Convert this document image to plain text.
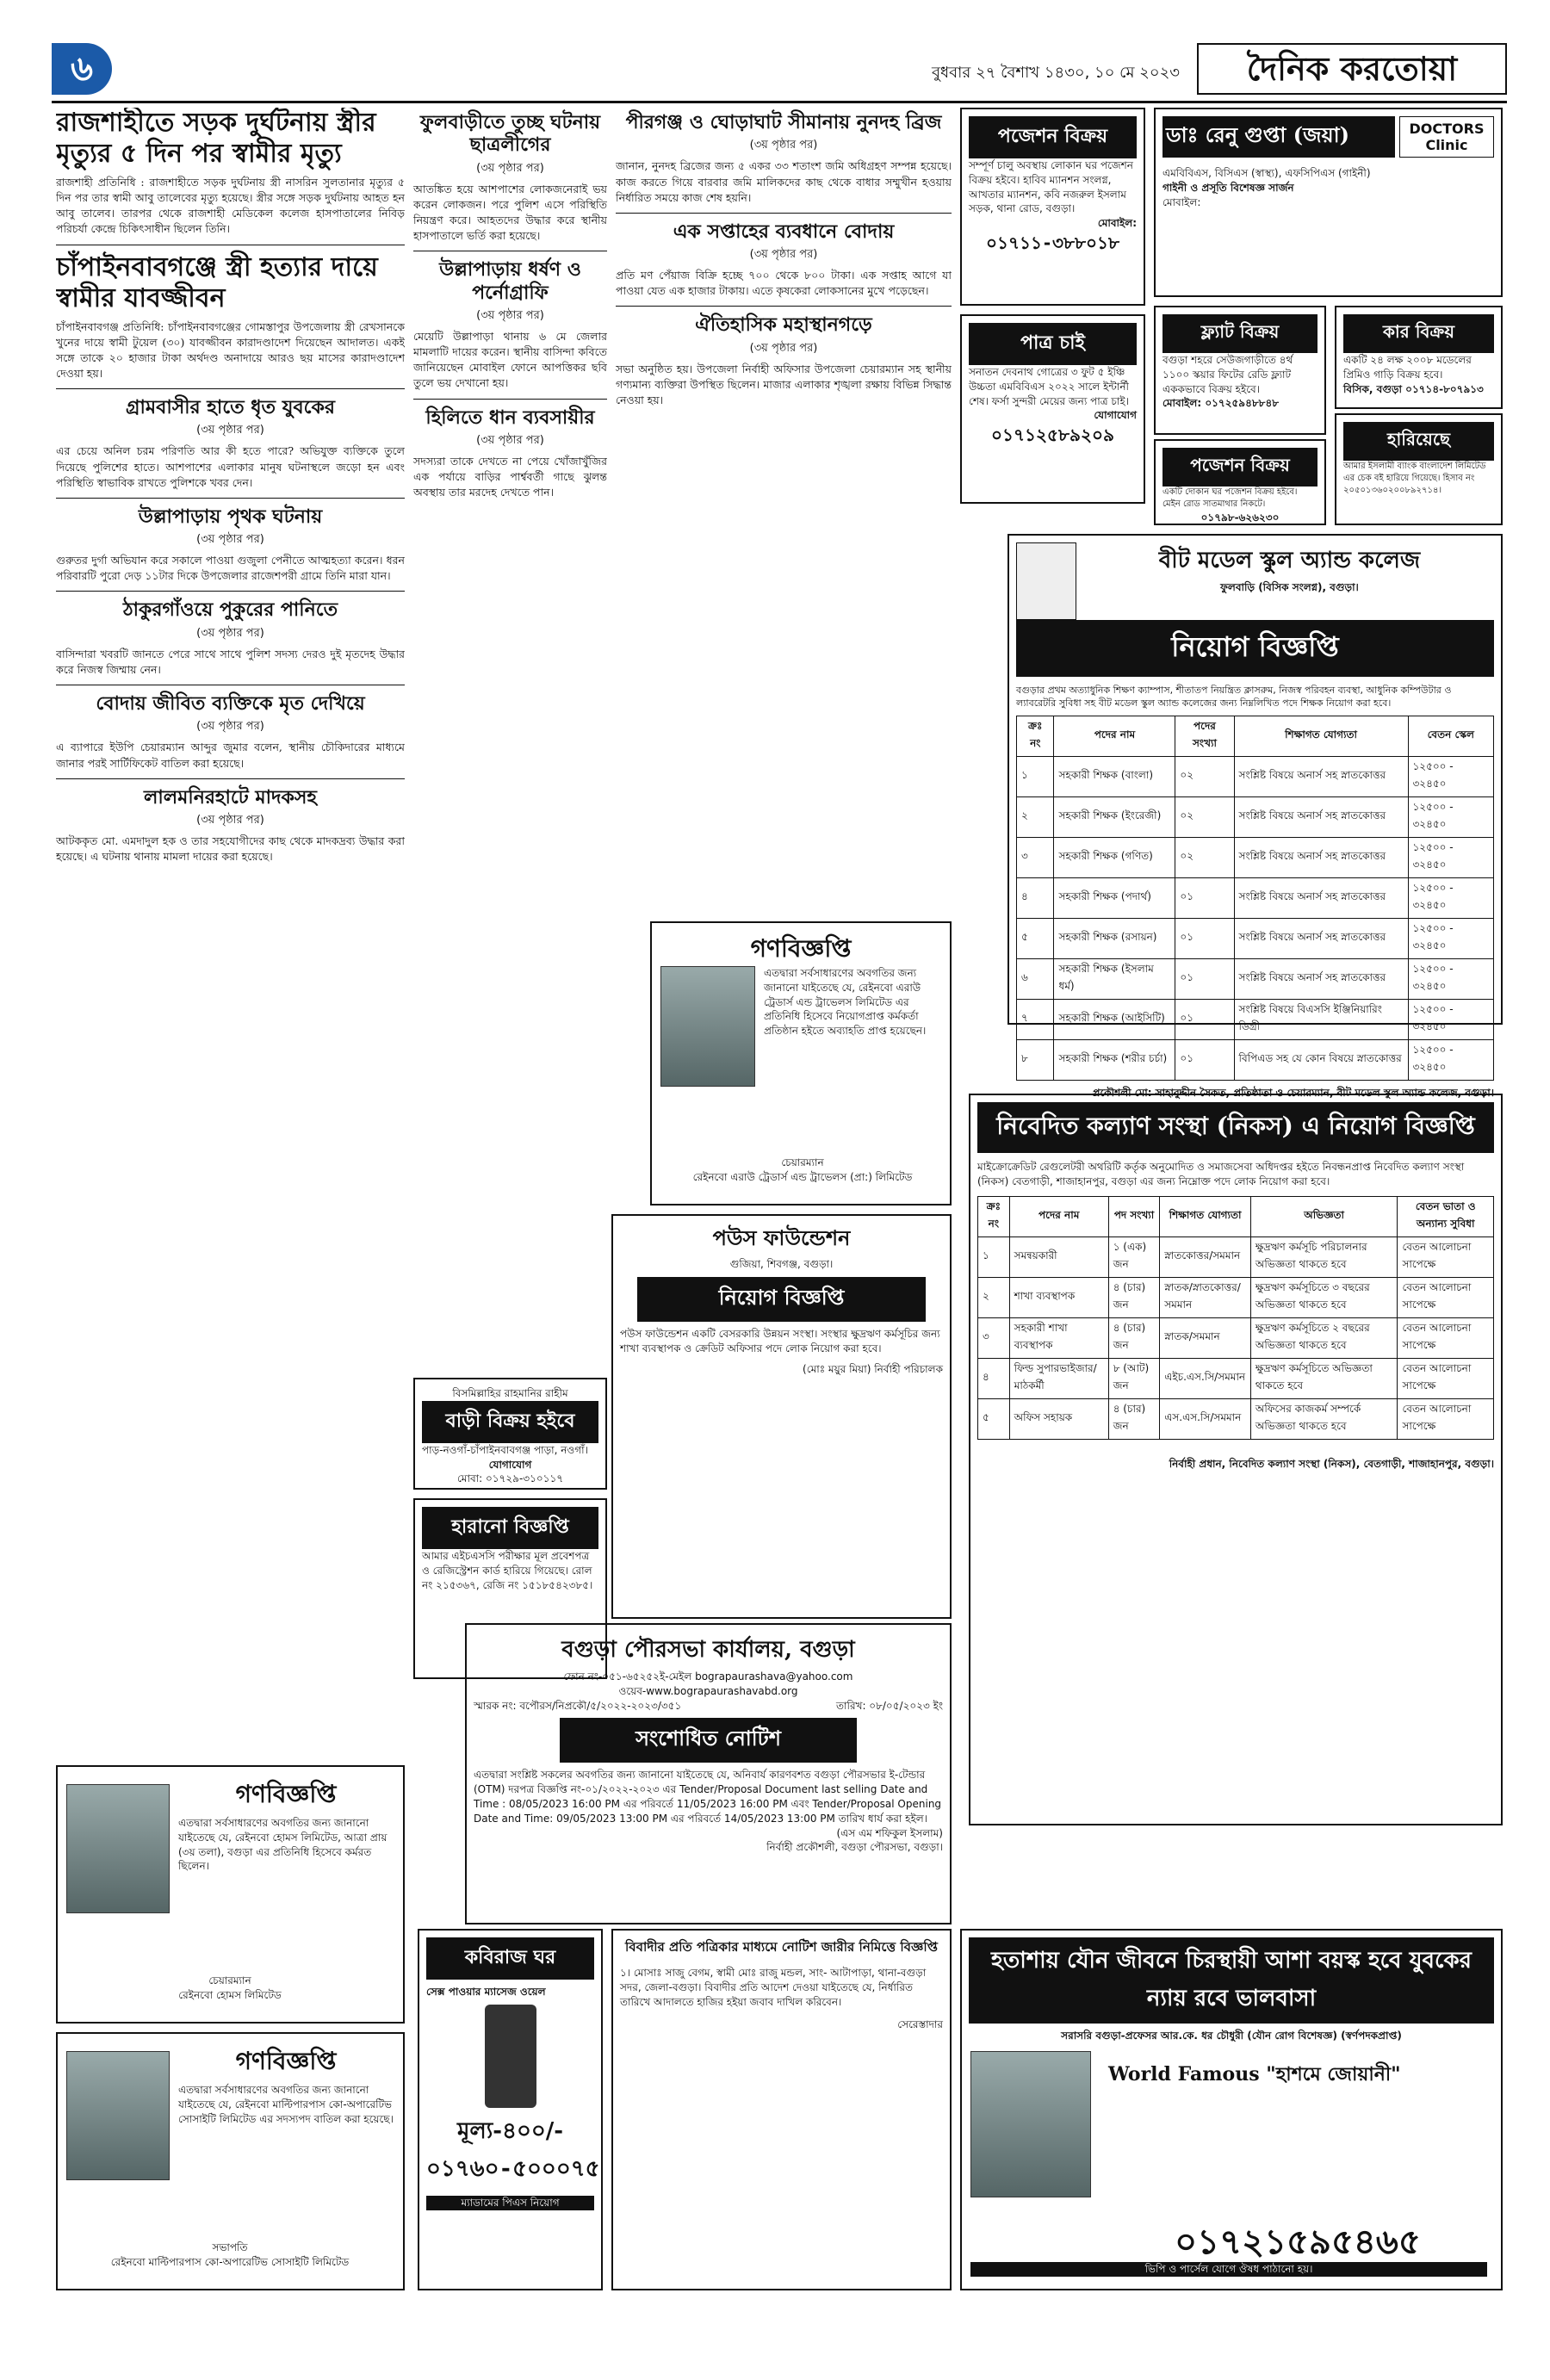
৬	বুধবার ২৭ বৈশাখ ১৪৩০, ১০ মে ২০২৩	দৈনিক করতোয়া
রাজশাহীতে সড়ক দুর্ঘটনায় স্ত্রীর মৃত্যুর ৫ দিন পর স্বামীর মৃত্যু

রাজশাহী প্রতিনিধি : রাজশাহীতে সড়ক দুর্ঘটনায় স্ত্রী নাসরিন সুলতানার মৃত্যুর ৫ দিন পর তার স্বামী আবু তালেবের মৃত্যু হয়েছে। স্ত্রীর সঙ্গে সড়ক দুর্ঘটনায় আহত হন আবু তালেব। তারপর থেকে রাজশাহী মেডিকেল কলেজ হাসপাতালের নিবিড় পরিচর্যা কেন্দ্রে চিকিৎসাধীন ছিলেন তিনি।

চাঁপাইনবাবগঞ্জে স্ত্রী হত্যার দায়ে স্বামীর যাবজ্জীবন

চাঁপাইনবাবগঞ্জ প্রতিনিধি: চাঁপাইনবাবগঞ্জের গোমস্তাপুর উপজেলায় স্ত্রী রেখসানকে খুনের দায়ে স্বামী টুয়েল (৩০) যাবজ্জীবন কারাদণ্ডাদেশ দিয়েছেন আদালত। একই সঙ্গে তাকে ২০ হাজার টাকা অর্থদণ্ড অনাদায়ে আরও ছয় মাসের কারাদণ্ডাদেশ দেওয়া হয়।

গ্রামবাসীর হাতে ধৃত যুবকের
(৩য় পৃষ্ঠার পর)

এর চেয়ে অনিল চরম পরিণতি আর কী হতে পারে? অভিযুক্ত ব্যক্তিকে তুলে দিয়েছে পুলিশের হাতে। আশপাশের এলাকার মানুষ ঘটনাস্থলে জড়ো হন এবং পরিস্থিতি স্বাভাবিক রাখতে পুলিশকে খবর দেন।

উল্লাপাড়ায় পৃথক ঘটনায়
(৩য় পৃষ্ঠার পর)

গুরুতর দুর্গা অভিযান করে সকালে পাওয়া গুজুলা পেনীতে আত্মহত্যা করেন। ধরন পরিবারটি পুরো দেড় ১১টার দিকে উপজেলার রাজেশপরী গ্রামে তিনি মারা যান।

ঠাকুরগাঁওয়ে পুকুরের পানিতে
(৩য় পৃষ্ঠার পর)

বাসিন্দারা খবরটি জানতে পেরে সাথে সাথে পুলিশ সদস্য দেরও দুই মৃতদেহ উদ্ধার করে নিজস্ব জিম্মায় নেন।

বোদায় জীবিত ব্যক্তিকে মৃত দেখিয়ে
(৩য় পৃষ্ঠার পর)

এ ব্যাপারে ইউপি চেয়ারম্যান আব্দুর জুমার বলেন, স্থানীয় চৌকিদারের মাধ্যমে জানার পরই সার্টিফিকেট বাতিল করা হয়েছে।

লালমনিরহাটে মাদকসহ
(৩য় পৃষ্ঠার পর)

আটককৃত মো. এমদাদুল হক ও তার সহযোগীদের কাছ থেকে মাদকদ্রব্য উদ্ধার করা হয়েছে। এ ঘটনায় থানায় মামলা দায়ের করা হয়েছে।

গণবিজ্ঞপ্তি

এতদ্বারা সর্বসাধারণের অবগতির জন্য জানানো যাইতেছে যে, রেইনবো হোমস লিমিটেড, আত্রা প্রায় (৩য় তলা), বগুড়া এর প্রতিনিধি হিসেবে কর্মরত ছিলেন।

চেয়ারম্যান
রেইনবো হোমস লিমিটেড
গণবিজ্ঞপ্তি

এতদ্বারা সর্বসাধারণের অবগতির জন্য জানানো যাইতেছে যে, রেইনবো মাল্টিপারপাস কো-অপারেটিভ সোসাইটি লিমিটেড এর সদস্যপদ বাতিল করা হয়েছে।

সভাপতি
রেইনবো মাল্টিপারপাস কো-অপারেটিভ সোসাইটি লিমিটেড
ফুলবাড়ীতে তুচ্ছ ঘটনায় ছাত্রলীগের
(৩য় পৃষ্ঠার পর)

আতঙ্কিত হয়ে আশপাশের লোকজনেরাই ভয় করেন লোকজন। পরে পুলিশ এসে পরিস্থিতি নিয়ন্ত্রণ করে। আহতদের উদ্ধার করে স্থানীয় হাসপাতালে ভর্তি করা হয়েছে।

উল্লাপাড়ায় ধর্ষণ ও পর্নোগ্রাফি
(৩য় পৃষ্ঠার পর)

মেয়েটি উল্লাপাড়া থানায় ৬ মে জেলার মামলাটি দায়ের করেন। স্থানীয় বাসিন্দা কবিতে জানিয়েছেন মোবাইল ফোনে আপত্তিকর ছবি তুলে ভয় দেখানো হয়।

হিলিতে ধান ব্যবসায়ীর
(৩য় পৃষ্ঠার পর)

সদস্যরা তাকে দেখতে না পেয়ে খোঁজাখুঁজির এক পর্যায়ে বাড়ির পার্শ্ববর্তী গাছে ঝুলন্ত অবস্থায় তার মরদেহ দেখতে পান।

বিসমিল্লাহির রাহমানির রাহীম
বাড়ী বিক্রয় হইবে
পাড়-নওগাঁ-চাঁপাইনবাবগঞ্জ পাড়া, নওগাঁ।
যোগাযোগ
মোবা: ০১৭২৯-৩১০১১৭
হারানো বিজ্ঞপ্তি

আমার এইচএসসি পরীক্ষার মূল প্রবেশপত্র ও রেজিস্ট্রেশন কার্ড হারিয়ে গিয়েছে। রোল নং ২১৫৩৬৭, রেজি নং ১৫১৮৫৪২৩৮৫।

পীরগঞ্জ ও ঘোড়াঘাট সীমানায় নুনদহ ব্রিজ
(৩য় পৃষ্ঠার পর)

জানান, নুনদহ ব্রিজের জন্য ৫ একর ৩৩ শতাংশ জমি অধিগ্রহণ সম্পন্ন হয়েছে। কাজ করতে গিয়ে বারবার জমি মালিকদের কাছ থেকে বাধার সম্মুখীন হওয়ায় নির্ধারিত সময়ে কাজ শেষ হয়নি।

এক সপ্তাহের ব্যবধানে বোদায়
(৩য় পৃষ্ঠার পর)

প্রতি মণ পেঁয়াজ বিক্রি হচ্ছে ৭০০ থেকে ৮০০ টাকা। এক সপ্তাহ আগে যা পাওয়া যেত এক হাজার টাকায়। এতে কৃষকেরা লোকসানের মুখে পড়েছেন।

ঐতিহাসিক মহাস্থানগড়ে
(৩য় পৃষ্ঠার পর)

সভা অনুষ্ঠিত হয়। উপজেলা নির্বাহী অফিসার উপজেলা চেয়ারম্যান সহ স্থানীয় গণ্যমান্য ব্যক্তিরা উপস্থিত ছিলেন। মাজার এলাকার শৃঙ্খলা রক্ষায় বিভিন্ন সিদ্ধান্ত নেওয়া হয়।

গণবিজ্ঞপ্তি

এতদ্বারা সর্বসাধারণের অবগতির জন্য জানানো যাইতেছে যে, রেইনবো এরাউ ট্রেডার্স এন্ড ট্রাভেলস লিমিটেড এর প্রতিনিধি হিসেবে নিয়োগপ্রাপ্ত কর্মকর্তা প্রতিষ্ঠান হইতে অব্যাহতি প্রাপ্ত হয়েছেন।

চেয়ারম্যান
রেইনবো এরাউ ট্রেডার্স এন্ড ট্রাভেলস (প্রা:) লিমিটেড
পউস ফাউন্ডেশন
গুজিয়া, শিবগঞ্জ, বগুড়া।
নিয়োগ বিজ্ঞপ্তি

পউস ফাউন্ডেশন একটি বেসরকারি উন্নয়ন সংস্থা। সংস্থার ক্ষুদ্রঋণ কর্মসূচির জন্য শাখা ব্যবস্থাপক ও ক্রেডিট অফিসার পদে লোক নিয়োগ করা হবে।

(মোঃ ময়ুর মিয়া) নির্বাহী পরিচালক
বগুড়া পৌরসভা কার্যালয়, বগুড়া
ফোন নং-০৫১-৬৫২৫২ই-মেইল bograpaurashava@yahoo.com
ওয়েব-www.bograpaurashavabd.org
স্মারক নং: বপৌরস/নিপ্রকৌ/৫/২০২২-২০২৩/৩৫১	তারিখ: ০৮/০৫/২০২৩ ইং
সংশোধিত নোটিশ

এতদ্বারা সংশ্লিষ্ট সকলের অবগতির জন্য জানানো যাইতেছে যে, অনিবার্য কারণবশত বগুড়া পৌরসভার ই-টেন্ডার (OTM) দরপত্র বিজ্ঞপ্তি নং-০১/২০২২-২০২৩ এর Tender/Proposal Document last selling Date and Time : 08/05/2023 16:00 PM এর পরিবর্তে 11/05/2023 16:00 PM এবং Tender/Proposal Opening Date and Time: 09/05/2023 13:00 PM এর পরিবর্তে 14/05/2023 13:00 PM তারিখ ধার্য করা হইল।

(এস এম শফিকুল ইসলাম)
নির্বাহী প্রকৌশলী, বগুড়া পৌরসভা, বগুড়া।
কবিরাজ ঘর
সেক্স পাওয়ার ম্যাসেজ ওয়েল
মূল্য-৪০০/-
০১৭৬০-৫০০০৭৫
ম্যাডামের পিএস নিয়োগ
বিবাদীর প্রতি পত্রিকার মাধ্যমে নোটিশ জারীর নিমিত্তে বিজ্ঞপ্তি

১। মোসাঃ সাজু বেগম, স্বামী মোঃ রাজু মন্ডল, সাং- আটাপাড়া, থানা-বগুড়া সদর, জেলা-বগুড়া। বিবাদীর প্রতি আদেশ দেওয়া যাইতেছে যে, নির্ধারিত তারিখে আদালতে হাজির হইয়া জবাব দাখিল করিবেন।

সেরেস্তাদার
পজেশন বিক্রয়

সম্পূর্ণ চালু অবস্থায় লোকান ঘর পজেশন বিক্রয় হইবে। হাবিব ম্যানশন সংলগ্ন, আখতার ম্যানশন, কবি নজরুল ইসলাম সড়ক, থানা রোড, বগুড়া।

মোবাইল:
০১৭১১-৩৮৮০১৮
পাত্র চাই

সনাতন দেবনাথ গোত্রের ৩ ফুট ৫ ইঞ্চি উচ্চতা এমবিবিএস ২০২২ সালে ইন্টার্নী শেষ। ফর্সা সুন্দরী মেয়ের জন্য পাত্র চাই।

যোগাযোগ
০১৭১২৫৮৯২০৯
ডাঃ রেনু গুপ্তা (জয়া)	DOCTORS Clinic
এমবিবিএস, বিসিএস (স্বাস্থ্য), এফসিপিএস (গাইনী)
গাইনী ও প্রসূতি বিশেষজ্ঞ সার্জন
মোবাইল:
ফ্ল্যাট বিক্রয়

বগুড়া শহরে সেউজগাড়ীতে ৪র্থ ১১০০ স্কয়ার ফিটের রেডি ফ্ল্যাট এককভাবে বিক্রয় হইবে।

মোবাইল: ০১৭২৫৯৪৮৮৪৮
কার বিক্রয়

একটি ২৪ লক্ষ ২০০৮ মডেলের প্রিমিও গাড়ি বিক্রয় হবে।

বিসিক, বগুড়া ০১৭১৪-৮০৭৯১৩
হারিয়েছে

আমার ইসলামী ব্যাংক বাংলাদেশ লিমিটেড এর চেক বই হারিয়ে গিয়েছে। হিসাব নং ২০৫০১৩৬০২০০৮৯২৭১৪।

পজেশন বিক্রয়

একটি দোকান ঘর পজেশন বিক্রয় হইবে। মেইন রোড সাতমাথার নিকটে।

০১৭৯৮-৬২৬২৩০
বীট মডেল স্কুল অ্যান্ড কলেজ
ফুলবাড়ি (বিসিক সংলগ্ন), বগুড়া।
নিয়োগ বিজ্ঞপ্তি

বগুড়ার প্রথম অত্যাধুনিক শিক্ষণ ক্যাম্পাস, শীতাতপ নিয়ন্ত্রিত ক্লাসরুম, নিজস্ব পরিবহন ব্যবস্থা, আধুনিক কম্পিউটার ও ল্যাবরেটরি সুবিধা সহ বীট মডেল স্কুল অ্যান্ড কলেজের জন্য নিম্নলিখিত পদে শিক্ষক নিয়োগ করা হবে।

ক্রঃ নং	পদের নাম	পদের সংখ্যা	শিক্ষাগত যোগ্যতা	বেতন স্কেল
১	সহকারী শিক্ষক (বাংলা)	০২	সংশ্লিষ্ট বিষয়ে অনার্স সহ স্নাতকোত্তর	১২৫০০ - ৩২৪৫০
২	সহকারী শিক্ষক (ইংরেজী)	০২	সংশ্লিষ্ট বিষয়ে অনার্স সহ স্নাতকোত্তর	১২৫০০ - ৩২৪৫০
৩	সহকারী শিক্ষক (গণিত)	০২	সংশ্লিষ্ট বিষয়ে অনার্স সহ স্নাতকোত্তর	১২৫০০ - ৩২৪৫০
৪	সহকারী শিক্ষক (পদার্থ)	০১	সংশ্লিষ্ট বিষয়ে অনার্স সহ স্নাতকোত্তর	১২৫০০ - ৩২৪৫০
৫	সহকারী শিক্ষক (রসায়ন)	০১	সংশ্লিষ্ট বিষয়ে অনার্স সহ স্নাতকোত্তর	১২৫০০ - ৩২৪৫০
৬	সহকারী শিক্ষক (ইসলাম ধর্ম)	০১	সংশ্লিষ্ট বিষয়ে অনার্স সহ স্নাতকোত্তর	১২৫০০ - ৩২৪৫০
৭	সহকারী শিক্ষক (আইসিটি)	০১	সংশ্লিষ্ট বিষয়ে বিএসসি ইঞ্জিনিয়ারিং ডিগ্রী	১২৫০০ - ৩২৪৫০
৮	সহকারী শিক্ষক (শরীর চর্চা)	০১	বিপিএড সহ যে কোন বিষয়ে স্নাতকোত্তর	১২৫০০ - ৩২৪৫০
প্রকৌশলী মো: সাহাবুদ্দীন সৈকত, প্রতিষ্ঠাতা ও চেয়ারম্যান, বীট মডেল স্কুল অ্যান্ড কলেজ, বগুড়া।
নিবেদিত কল্যাণ সংস্থা (নিকস) এ নিয়োগ বিজ্ঞপ্তি

মাইক্রোক্রেডিট রেগুলেটরী অথরিটি কর্তৃক অনুমোদিত ও সমাজসেবা অধিদপ্তর হইতে নিবন্ধনপ্রাপ্ত নিবেদিত কল্যাণ সংস্থা (নিকস) বেতগাড়ী, শাজাহানপুর, বগুড়া এর জন্য নিম্নোক্ত পদে লোক নিয়োগ করা হবে।

ক্রঃ নং	পদের নাম	পদ সংখ্যা	শিক্ষাগত যোগ্যতা	অভিজ্ঞতা	বেতন ভাতা ও অন্যান্য সুবিধা
১	সমন্বয়কারী	১ (এক) জন	স্নাতকোত্তর/সমমান	ক্ষুদ্রঋণ কর্মসূচি পরিচালনার অভিজ্ঞতা থাকতে হবে	বেতন আলোচনা সাপেক্ষে
২	শাখা ব্যবস্থাপক	৪ (চার) জন	স্নাতক/স্নাতকোত্তর/সমমান	ক্ষুদ্রঋণ কর্মসূচিতে ৩ বছরের অভিজ্ঞতা থাকতে হবে	বেতন আলোচনা সাপেক্ষে
৩	সহকারী শাখা ব্যবস্থাপক	৪ (চার) জন	স্নাতক/সমমান	ক্ষুদ্রঋণ কর্মসূচিতে ২ বছরের অভিজ্ঞতা থাকতে হবে	বেতন আলোচনা সাপেক্ষে
৪	ফিল্ড সুপারভাইজার/মাঠকর্মী	৮ (আট) জন	এইচ.এস.সি/সমমান	ক্ষুদ্রঋণ কর্মসূচিতে অভিজ্ঞতা থাকতে হবে	বেতন আলোচনা সাপেক্ষে
৫	অফিস সহায়ক	৪ (চার) জন	এস.এস.সি/সমমান	অফিসের কাজকর্ম সম্পর্কে অভিজ্ঞতা থাকতে হবে	বেতন আলোচনা সাপেক্ষে
নির্বাহী প্রধান, নিবেদিত কল্যাণ সংস্থা (নিকস), বেতগাড়ী, শাজাহানপুর, বগুড়া।
হতাশায় যৌন জীবনে চিরস্থায়ী আশা বয়স্ক হবে যুবকের ন্যায় রবে ভালবাসা
সরাসরি বগুড়া-প্রফেসর আর.কে. ধর চৌধুরী (যৌন রোগ বিশেষজ্ঞ) (স্বর্ণপদকপ্রাপ্ত)
World Famous "হাশমে জোয়ানী"
০১৭২১৫৯৫৪৬৫
ভিপি ও পার্সেল যোগে ঔষধ পাঠানো হয়।
